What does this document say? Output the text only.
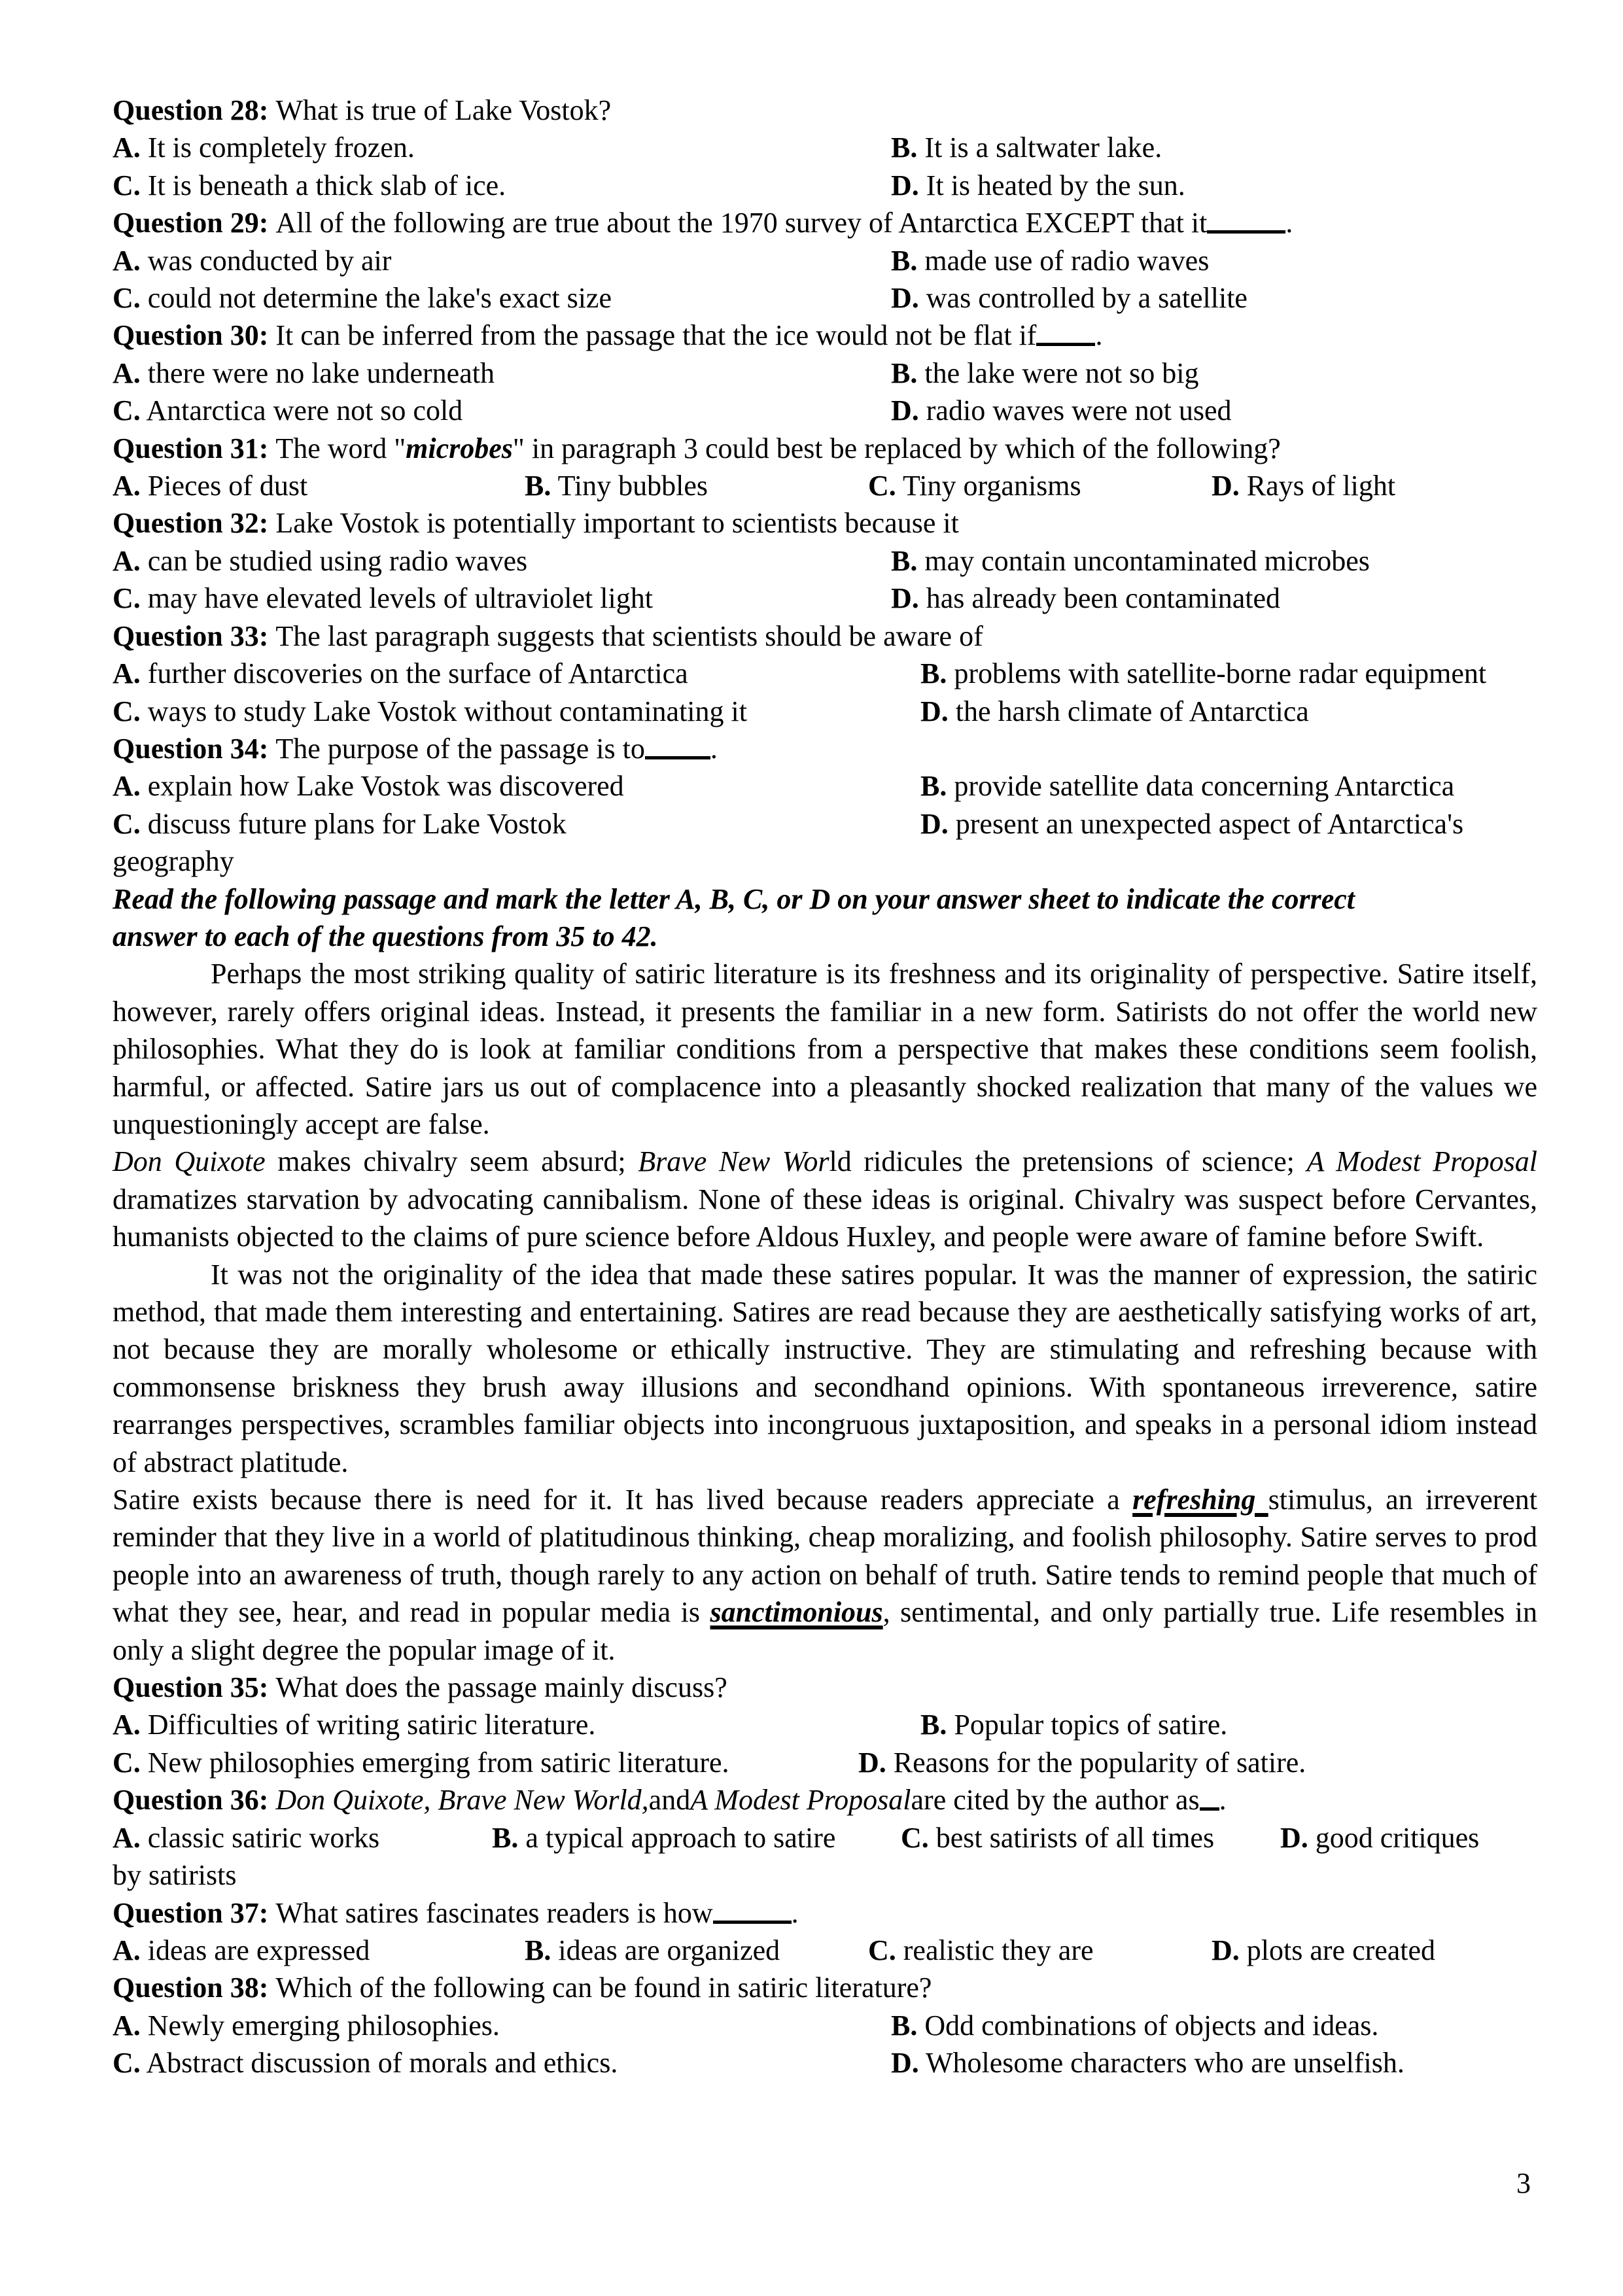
Question 28:
What is true of Lake Vostok?
A. It is completely frozen.	B. It is a saltwater lake.
C. It is beneath a thick slab of ice.	D. It is heated by the sun.
Question 29:
All of the following are true about the 1970 survey of Antarctica EXCEPT that it	.
A. was conducted by air	B. made use of radio waves
C. could not determine the lake's exact size	D. was controlled by a satellite
Question 30:
It can be inferred from the passage that the ice would not be flat if .
A. there were no lake underneath	B. the lake were not so big
C. Antarctica were not so cold	D. radio waves were not used
Question 31:
The word " microbes " in paragraph 3 could best be replaced by which of the following?
A. Pieces of dust	B. Tiny bubbles	C. Tiny organisms	D. Rays of light
Question 32:
Lake Vostok is potentially important to scientists because it
A. can be studied using radio waves	B. may contain uncontaminated microbes
C. may have elevated levels of ultraviolet light	D. has already been contaminated
Question 33:
The last paragraph suggests that scientists should be aware of
A. further discoveries on the surface of Antarctica	B. problems with satellite-borne radar equipment
C. ways to study Lake Vostok without contaminating it	D. the harsh climate of Antarctica
Question 34:
The purpose of the passage is to .
A. explain how Lake Vostok was discovered	B. provide satellite data concerning Antarctica
C. discuss future plans for Lake Vostok	D. present an unexpected aspect of Antarctica's
geography
Read the following passage and mark the letter A, B, C, or D on your answer sheet to indicate the correct
answer to each of the questions from 35 to 42.
Perhaps the most striking quality of satiric literature is its freshness and its originality of perspective. Satire itself, however, rarely offers original ideas. Instead, it presents the familiar in a new form. Satirists do not offer the world new philosophies. What they do is look at familiar conditions from a perspective that makes these conditions seem foolish, harmful, or affected. Satire jars us out of complacence into a pleasantly shocked realization that many of the values we unquestioningly accept are false.
Don Quixote makes chivalry seem absurd; Brave New World ridicules the pretensions of science; A Modest Proposal dramatizes starvation by advocating cannibalism. None of these ideas is original. Chivalry was suspect before Cervantes, humanists objected to the claims of pure science before Aldous Huxley, and people were aware of famine before Swift.
It was not the originality of the idea that made these satires popular. It was the manner of expression, the satiric method, that made them interesting and entertaining. Satires are read because they are aesthetically satisfying works of art, not because they are morally wholesome or ethically instructive. They are stimulating and refreshing because with commonsense briskness they brush away illusions and secondhand opinions. With spontaneous irreverence, satire rearranges perspectives, scrambles familiar objects into incongruous juxtaposition, and speaks in a personal idiom instead of abstract platitude.
Satire exists because there is need for it. It has lived because readers appreciate a refreshing stimulus, an irreverent reminder that they live in a world of platitudinous thinking, cheap moralizing, and foolish philosophy. Satire serves to prod people into an awareness of truth, though rarely to any action on behalf of truth. Satire tends to remind people that much of what they see, hear, and read in popular media is sanctimonious, sentimental, and only partially true. Life resembles in only a slight degree the popular image of it.
Question 35:
What does the passage mainly discuss?
A. Difficulties of writing satiric literature.	B. Popular topics of satire.
C. New philosophies emerging from satiric literature.	D. Reasons for the popularity of satire.
Question 36:
Don Quixote, Brave New World, and A Modest Proposal are cited by the author as .
A. classic satiric works	B. a typical approach to satire	C. best satirists of all times	D. good critiques
by satirists
Question 37:
What satires fascinates readers is how	.
A. ideas are expressed	B. ideas are organized	C. realistic they are	D. plots are created
Question 38:
Which of the following can be found in satiric literature?
A. Newly emerging philosophies.	B. Odd combinations of objects and ideas.
C. Abstract discussion of morals and ethics.	D. Wholesome characters who are unselfish.
3
